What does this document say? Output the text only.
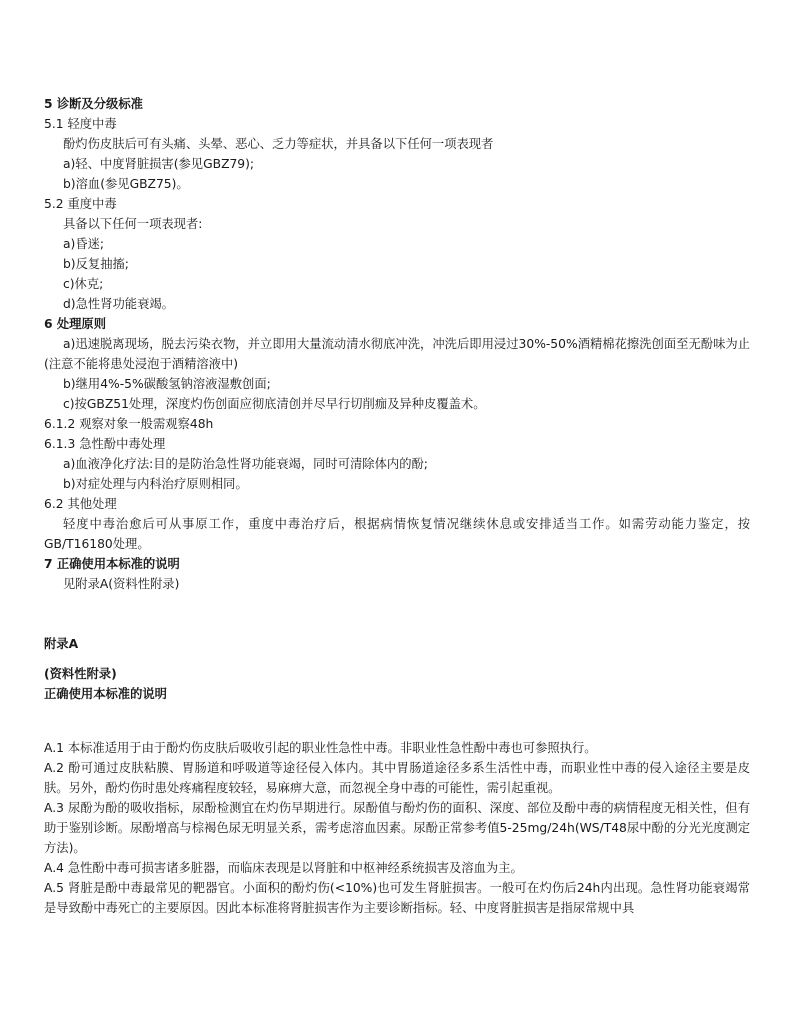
5 诊断及分级标准
5.1 轻度中毒
酚灼伤皮肤后可有头痛、头晕、恶心、乏力等症状，并具备以下任何一项表现者
a)轻、中度肾脏损害(参见GBZ79);
b)溶血(参见GBZ75)。
5.2 重度中毒
具备以下任何一项表现者:
a)昏迷;
b)反复抽搐;
c)休克;
d)急性肾功能衰竭。
6 处理原则
a)迅速脱离现场，脱去污染衣物，并立即用大量流动清水彻底冲洗，冲洗后即用浸过30%-50%酒精棉花擦洗创面至无酚味为止(注意不能将患处浸泡于酒精溶液中)
b)继用4%-5%碳酸氢钠溶液湿敷创面;
c)按GBZ51处理，深度灼伤创面应彻底清创并尽早行切削痂及异种皮覆盖术。
6.1.2 观察对象一般需观察48h
6.1.3 急性酚中毒处理
a)血液净化疗法:目的是防治急性肾功能衰竭，同时可清除体内的酚;
b)对症处理与内科治疗原则相同。
6.2 其他处理
轻度中毒治愈后可从事原工作，重度中毒治疗后，根据病情恢复情况继续休息或安排适当工作。如需劳动能力鉴定，按GB/T16180处理。
7 正确使用本标准的说明
见附录A(资料性附录)
附录A
(资料性附录)
正确使用本标准的说明
A.1 本标准适用于由于酚灼伤皮肤后吸收引起的职业性急性中毒。非职业性急性酚中毒也可参照执行。
A.2 酚可通过皮肤粘膜、胃肠道和呼吸道等途径侵入体内。其中胃肠道途径多系生活性中毒，而职业性中毒的侵入途径主要是皮肤。另外，酚灼伤时患处疼痛程度较轻，易麻痹大意，而忽视全身中毒的可能性，需引起重视。
A.3 尿酚为酚的吸收指标，尿酚检测宜在灼伤早期进行。尿酚值与酚灼伤的面积、深度、部位及酚中毒的病情程度无相关性，但有助于鉴别诊断。尿酚增高与棕褐色尿无明显关系，需考虑溶血因素。尿酚正常参考值5-25mg/24h(WS/T48尿中酚的分光光度测定方法)。
A.4 急性酚中毒可损害诸多脏器，而临床表现是以肾脏和中枢神经系统损害及溶血为主。
A.5 肾脏是酚中毒最常见的靶器官。小面积的酚灼伤(<10%)也可发生肾脏损害。一般可在灼伤后24h内出现。急性肾功能衰竭常是导致酚中毒死亡的主要原因。因此本标准将肾脏损害作为主要诊断指标。轻、中度肾脏损害是指尿常规中具
